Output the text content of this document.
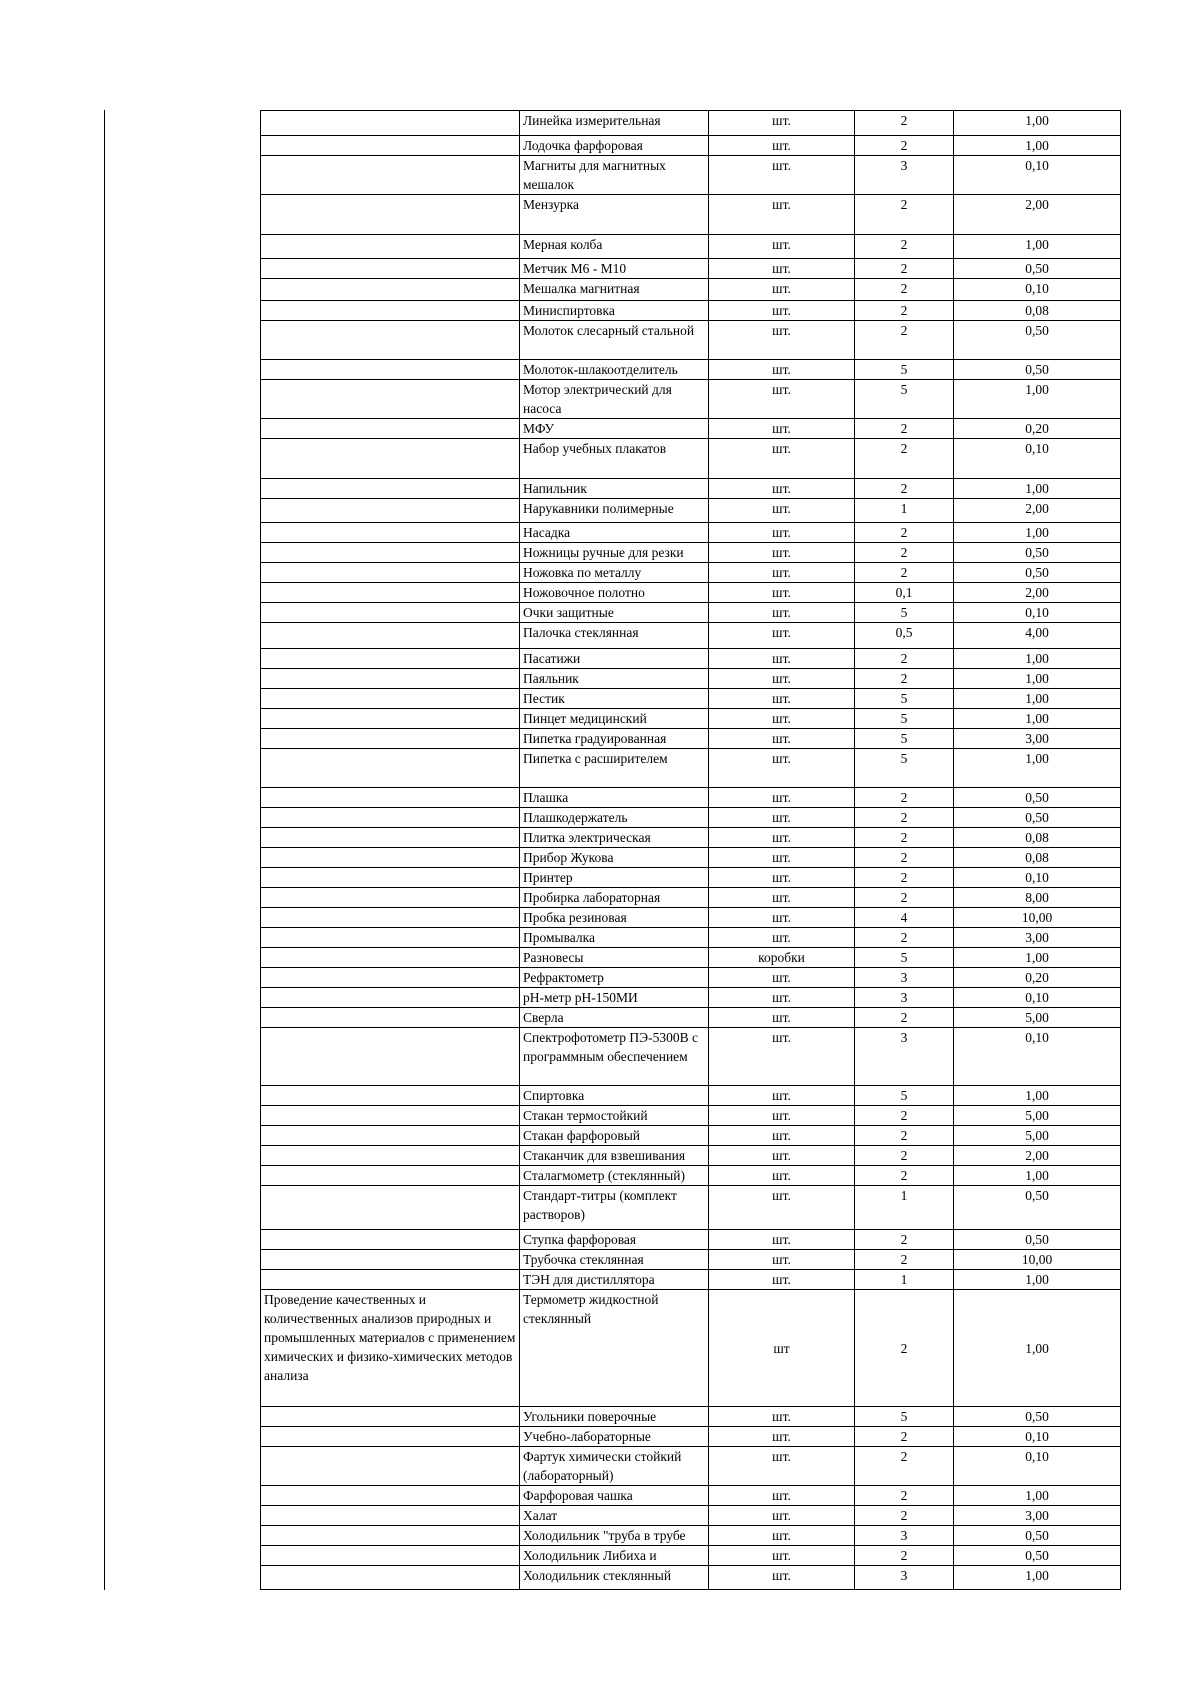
	Линейка измерительная	шт.	2	1,00
	Лодочка фарфоровая	шт.	2	1,00
	Магниты для магнитных мешалок	шт.	3	0,10
	Мензурка	шт.	2	2,00
	Мерная колба	шт.	2	1,00
	Метчик М6 - М10	шт.	2	0,50
	Мешалка магнитная	шт.	2	0,10
	Миниспиртовка	шт.	2	0,08
	Молоток слесарный стальной	шт.	2	0,50
	Молоток-шлакоотделитель	шт.	5	0,50
	Мотор электрический для насоса	шт.	5	1,00
	МФУ	шт.	2	0,20
	Набор учебных плакатов	шт.	2	0,10
	Напильник	шт.	2	1,00
	Нарукавники полимерные	шт.	1	2,00
	Насадка	шт.	2	1,00
	Ножницы ручные для резки	шт.	2	0,50
	Ножовка по металлу	шт.	2	0,50
	Ножовочное полотно	шт.	0,1	2,00
	Очки защитные	шт.	5	0,10
	Палочка стеклянная	шт.	0,5	4,00
	Пасатижи	шт.	2	1,00
	Паяльник	шт.	2	1,00
	Пестик	шт.	5	1,00
	Пинцет медицинский	шт.	5	1,00
	Пипетка градуированная	шт.	5	3,00
	Пипетка с расширителем	шт.	5	1,00
	Плашка	шт.	2	0,50
	Плашкодержатель	шт.	2	0,50
	Плитка электрическая	шт.	2	0,08
	Прибор Жукова	шт.	2	0,08
	Принтер	шт.	2	0,10
	Пробирка лабораторная	шт.	2	8,00
	Пробка резиновая	шт.	4	10,00
	Промывалка	шт.	2	3,00
	Разновесы	коробки	5	1,00
	Рефрактометр	шт.	3	0,20
	pH-метр pH-150МИ	шт.	3	0,10
	Сверла	шт.	2	5,00
	Спектрофотометр ПЭ-5300В с программным обеспечением	шт.	3	0,10
	Спиртовка	шт.	5	1,00
	Стакан термостойкий	шт.	2	5,00
	Стакан фарфоровый	шт.	2	5,00
	Стаканчик для взвешивания	шт.	2	2,00
	Сталагмометр (стеклянный)	шт.	2	1,00
	Стандарт-титры (комплект растворов)	шт.	1	0,50
	Ступка фарфоровая	шт.	2	0,50
	Трубочка стеклянная	шт.	2	10,00
	ТЭН для дистиллятора	шт.	1	1,00
Проведение качественных и количественных анализов природных и промышленных материалов с применением химических и физико-химических методов анализа	Термометр жидкостной стеклянный	шт	2	1,00
	Угольники поверочные	шт.	5	0,50
	Учебно-лабораторные	шт.	2	0,10
	Фартук химически стойкий (лабораторный)	шт.	2	0,10
	Фарфоровая чашка	шт.	2	1,00
	Халат	шт.	2	3,00
	Холодильник "труба в трубе	шт.	3	0,50
	Холодильник Либиха и	шт.	2	0,50
	Холодильник стеклянный	шт.	3	1,00
